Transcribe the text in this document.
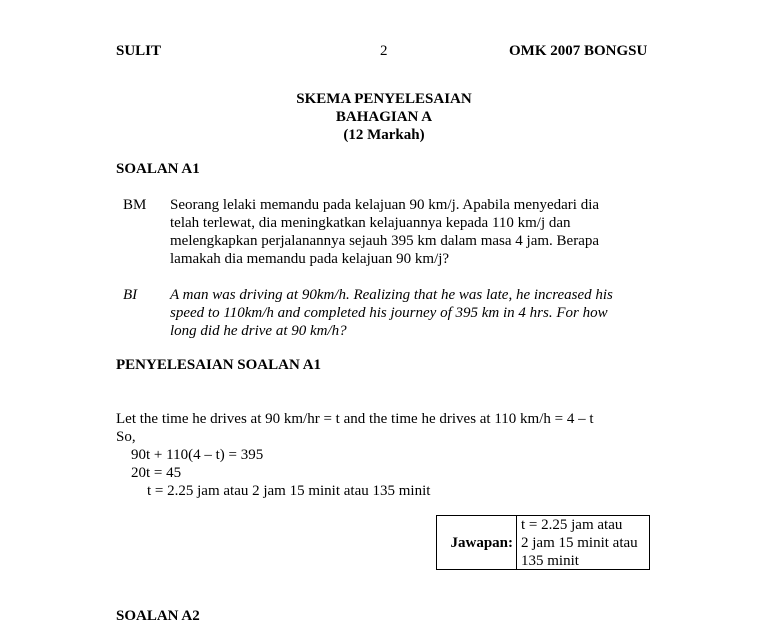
SULIT	2	OMK 2007 BONGSU
SKEMA PENYELESAIAN
BAHAGIAN A
(12 Markah)
SOALAN A1
BM Seorang lelaki memandu pada kelajuan 90 km/j. Apabila menyedari dia
telah terlewat, dia meningkatkan kelajuannya kepada 110 km/j dan
melengkapkan perjalanannya sejauh 395 km dalam masa 4 jam. Berapa
lamakah dia memandu pada kelajuan 90 km/j?
BI A man was driving at 90km/h. Realizing that he was late, he increased his
speed to 110km/h and completed his journey of 395 km in 4 hrs. For how
long did he drive at 90 km/h?
PENYELESAIAN SOALAN A1
Let the time he drives at 90 km/hr = t and the time he drives at 110 km/h = 4 – t
So,
90t + 110(4 – t) = 395
20t = 45
t = 2.25 jam atau 2 jam 15 minit atau 135 minit
Jawapan:
t = 2.25 jam atau
2 jam 15 minit atau
135 minit
SOALAN A2
